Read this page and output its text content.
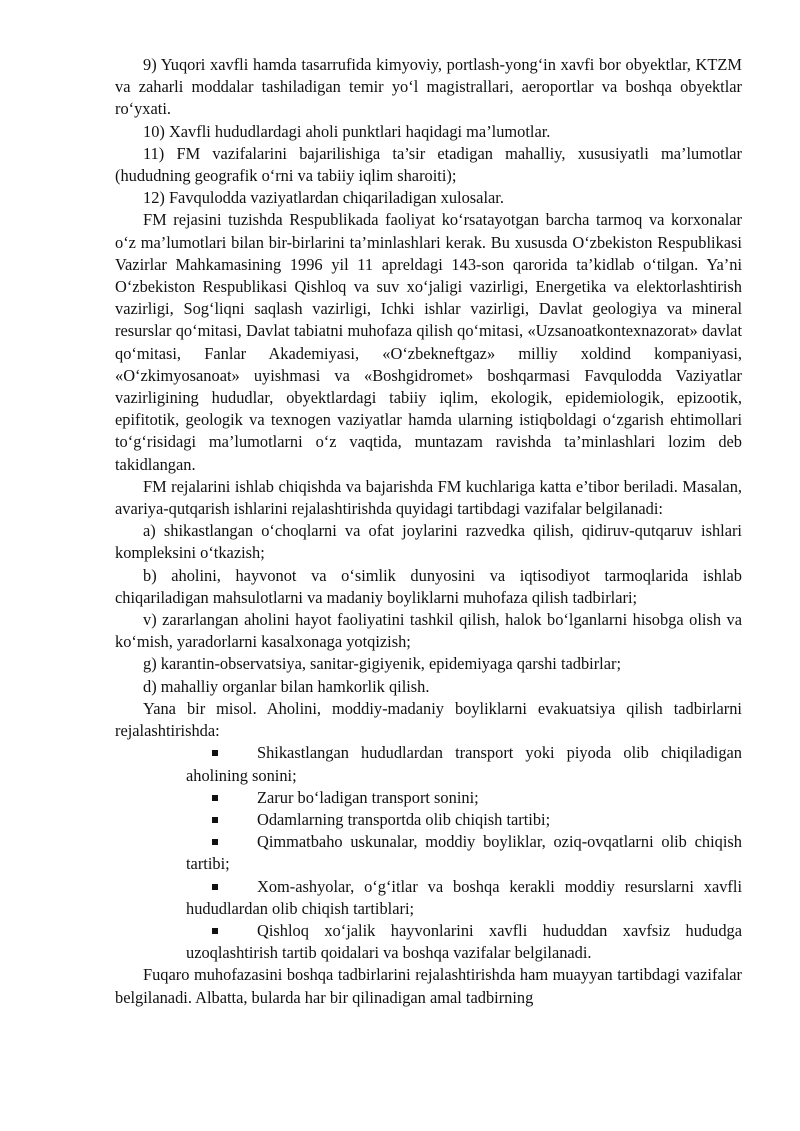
9) Yuqori xavfli hamda tasarrufida kimyoviy, portlash-yong‘in xavfi bor obyektlar, KTZM va zaharli moddalar tashiladigan temir yo‘l magistrallari, aeroportlar va boshqa obyektlar ro‘yxati.

10) Xavfli hududlardagi aholi punktlari haqidagi ma’lumotlar.

11) FM vazifalarini bajarilishiga ta’sir etadigan mahalliy, xususiyatli ma’lumotlar (hududning geografik o‘rni va tabiiy iqlim sharoiti);

12) Favqulodda vaziyatlardan chiqariladigan xulosalar.

FM rejasini tuzishda Respublikada faoliyat ko‘rsatayotgan barcha tarmoq va korxonalar o‘z ma’lumotlari bilan bir-birlarini ta’minlashlari kerak. Bu xususda O‘zbekiston Respublikasi Vazirlar Mahkamasining 1996 yil 11 apreldagi 143-son qarorida ta’kidlab o‘tilgan. Ya’ni O‘zbekiston Respublikasi Qishloq va suv xo‘jaligi vazirligi, Energetika va elektorlashtirish vazirligi, Sog‘liqni saqlash vazirligi, Ichki ishlar vazirligi, Davlat geologiya va mineral resurslar qo‘mitasi, Davlat tabiatni muhofaza qilish qo‘mitasi, «Uzsanoatkontexnazorat» davlat qo‘mitasi, Fanlar Akademiyasi, «O‘zbekneftgaz» milliy xoldind kompaniyasi, «O‘zkimyosanoat» uyishmasi va «Boshgidromet» boshqarmasi Favqulodda Vaziyatlar vazirligining hududlar, obyektlardagi tabiiy iqlim, ekologik, epidemiologik, epizootik, epifitotik, geologik va texnogen vaziyatlar hamda ularning istiqboldagi o‘zgarish ehtimollari to‘g‘risidagi ma’lumotlarni o‘z vaqtida, muntazam ravishda ta’minlashlari lozim deb takidlangan.

FM rejalarini ishlab chiqishda va bajarishda FM kuchlariga katta e’tibor beriladi. Masalan, avariya-qutqarish ishlarini rejalashtirishda quyidagi tartibdagi vazifalar belgilanadi:

a) shikastlangan o‘choqlarni va ofat joylarini razvedka qilish, qidiruv-qutqaruv ishlari kompleksini o‘tkazish;

b) aholini, hayvonot va o‘simlik dunyosini va iqtisodiyot tarmoqlarida ishlab chiqariladigan mahsulotlarni va madaniy boyliklarni muhofaza qilish tadbirlari;

v) zararlangan aholini hayot faoliyatini tashkil qilish, halok bo‘lganlarni hisobga olish va ko‘mish, yaradorlarni kasalxonaga yotqizish;

g) karantin-observatsiya, sanitar-gigiyenik, epidemiyaga qarshi tadbirlar;

d) mahalliy organlar bilan hamkorlik qilish.

Yana bir misol. Aholini, moddiy-madaniy boyliklarni evakuatsiya qilish tadbirlarni rejalashtirishda:

Shikastlangan hududlardan transport yoki piyoda olib chiqiladigan aholining sonini;
Zarur bo‘ladigan transport sonini;
Odamlarning transportda olib chiqish tartibi;
Qimmatbaho uskunalar, moddiy boyliklar, oziq-ovqatlarni olib chiqish tartibi;
Xom-ashyolar, o‘g‘itlar va boshqa kerakli moddiy resurslarni xavfli hududlardan olib chiqish tartiblari;
Qishloq xo‘jalik hayvonlarini xavfli hududdan xavfsiz hududga uzoqlashtirish tartib qoidalari va boshqa vazifalar belgilanadi.

Fuqaro muhofazasini boshqa tadbirlarini rejalashtirishda ham muayyan tartibdagi vazifalar belgilanadi. Albatta, bularda har bir qilinadigan amal tadbirning
